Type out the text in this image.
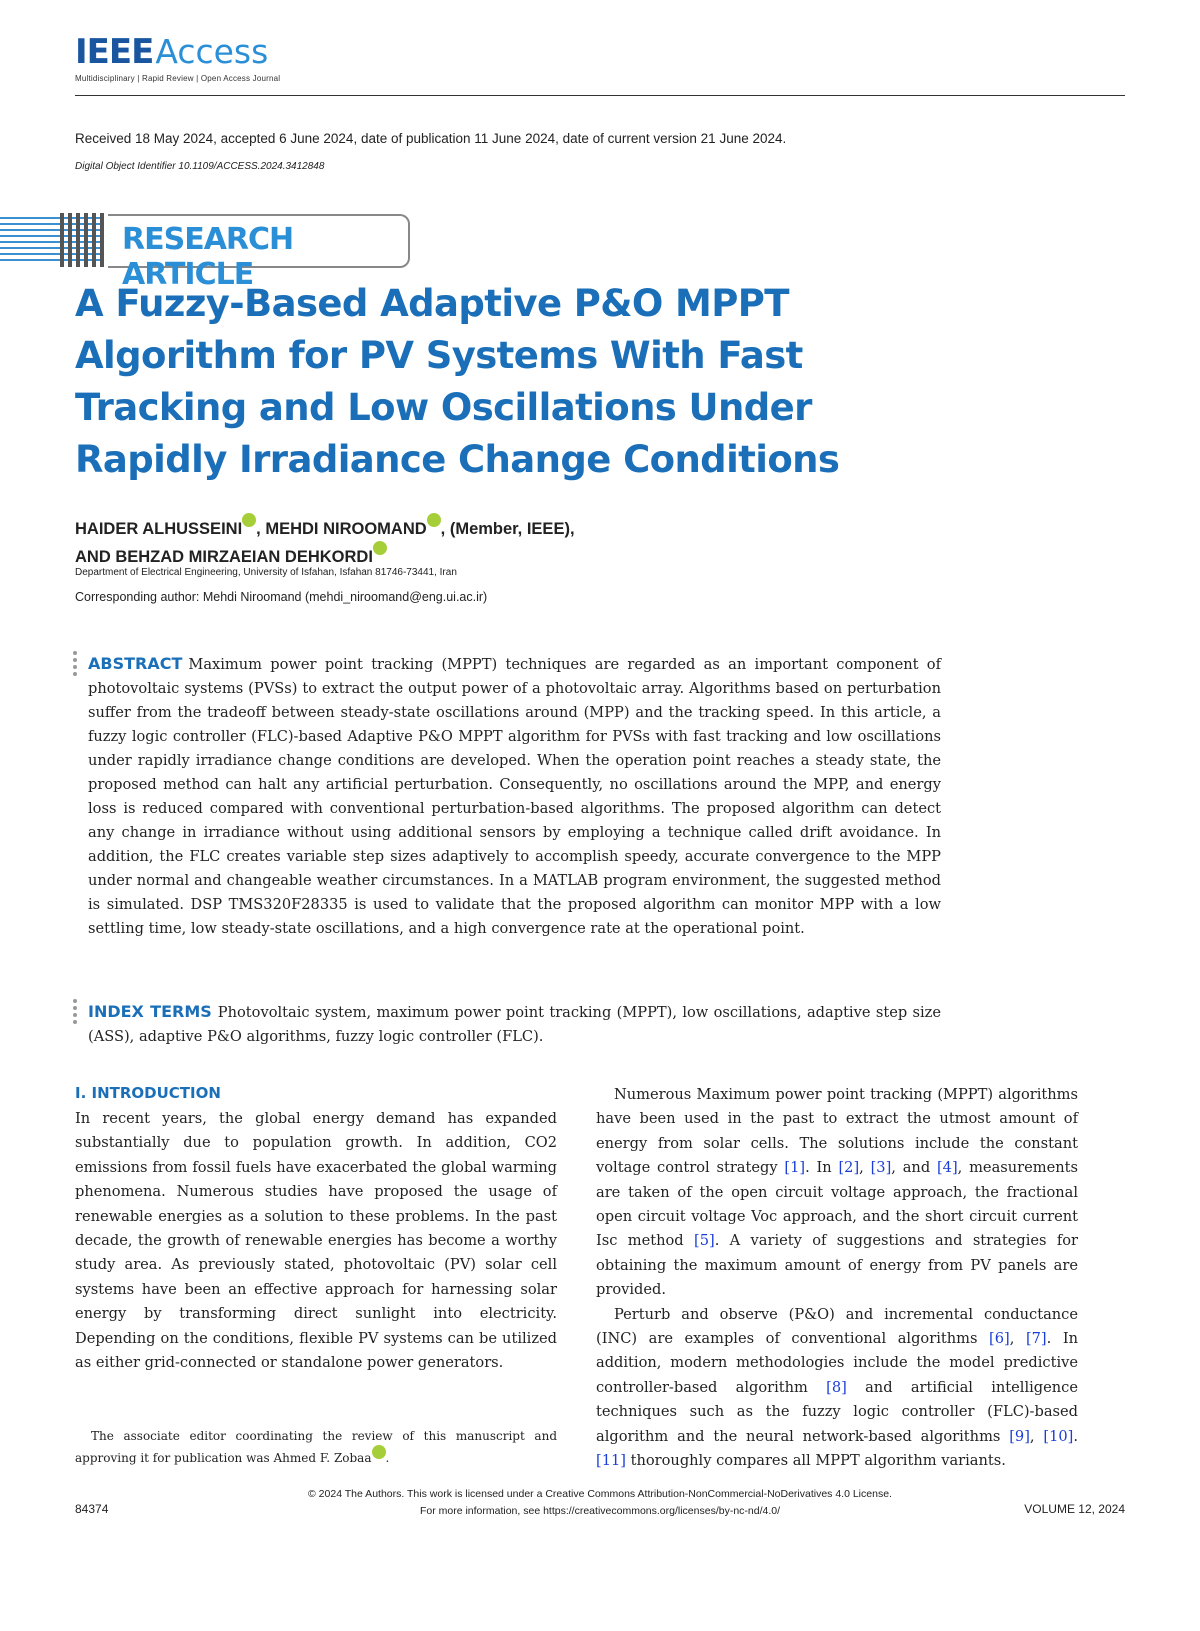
IEEEAccess
Multidisciplinary | Rapid Review | Open Access Journal
Received 18 May 2024, accepted 6 June 2024, date of publication 11 June 2024, date of current version 21 June 2024.
Digital Object Identifier 10.1109/ACCESS.2024.3412848
RESEARCH ARTICLE
A Fuzzy-Based Adaptive P&O MPPT Algorithm for PV Systems With Fast Tracking and Low Oscillations Under Rapidly Irradiance Change Conditions
HAIDER ALHUSSEINI , MEHDI NIROOMAND , (Member, IEEE),
AND BEHZAD MIRZAEIAN DEHKORDI
Department of Electrical Engineering, University of Isfahan, Isfahan 81746-73441, Iran
Corresponding author: Mehdi Niroomand (mehdi_niroomand@eng.ui.ac.ir)
ABSTRACT Maximum power point tracking (MPPT) techniques are regarded as an important component of photovoltaic systems (PVSs) to extract the output power of a photovoltaic array. Algorithms based on perturbation suffer from the tradeoff between steady-state oscillations around (MPP) and the tracking speed. In this article, a fuzzy logic controller (FLC)-based Adaptive P&O MPPT algorithm for PVSs with fast tracking and low oscillations under rapidly irradiance change conditions are developed. When the operation point reaches a steady state, the proposed method can halt any artificial perturbation. Consequently, no oscillations around the MPP, and energy loss is reduced compared with conventional perturbation-based algorithms. The proposed algorithm can detect any change in irradiance without using additional sensors by employing a technique called drift avoidance. In addition, the FLC creates variable step sizes adaptively to accomplish speedy, accurate convergence to the MPP under normal and changeable weather circumstances. In a MATLAB program environment, the suggested method is simulated. DSP TMS320F28335 is used to validate that the proposed algorithm can monitor MPP with a low settling time, low steady-state oscillations, and a high convergence rate at the operational point.
INDEX TERMS Photovoltaic system, maximum power point tracking (MPPT), low oscillations, adaptive step size (ASS), adaptive P&O algorithms, fuzzy logic controller (FLC).
I. INTRODUCTION
In recent years, the global energy demand has expanded substantially due to population growth. In addition, CO2 emissions from fossil fuels have exacerbated the global warming phenomena. Numerous studies have proposed the usage of renewable energies as a solution to these problems. In the past decade, the growth of renewable energies has become a worthy study area. As previously stated, photovoltaic (PV) solar cell systems have been an effective approach for harnessing solar energy by transforming direct sunlight into electricity. Depending on the conditions, flexible PV systems can be utilized as either grid-connected or standalone power generators.

Numerous Maximum power point tracking (MPPT) algorithms have been used in the past to extract the utmost amount of energy from solar cells. The solutions include the constant voltage control strategy [1]. In [2], [3], and [4], measurements are taken of the open circuit voltage approach, the fractional open circuit voltage Voc approach, and the short circuit current Isc method [5]. A variety of suggestions and strategies for obtaining the maximum amount of energy from PV panels are provided.

Perturb and observe (P&O) and incremental conductance (INC) are examples of conventional algorithms [6], [7]. In addition, modern methodologies include the model predictive controller-based algorithm [8] and artificial intelligence techniques such as the fuzzy logic controller (FLC)-based algorithm and the neural network-based algorithms [9], [10]. [11] thoroughly compares all MPPT algorithm variants.

The associate editor coordinating the review of this manuscript and approving it for publication was Ahmed F. Zobaa .
84374
© 2024 The Authors. This work is licensed under a Creative Commons Attribution-NonCommercial-NoDerivatives 4.0 License.
For more information, see https://creativecommons.org/licenses/by-nc-nd/4.0/	VOLUME 12, 2024
